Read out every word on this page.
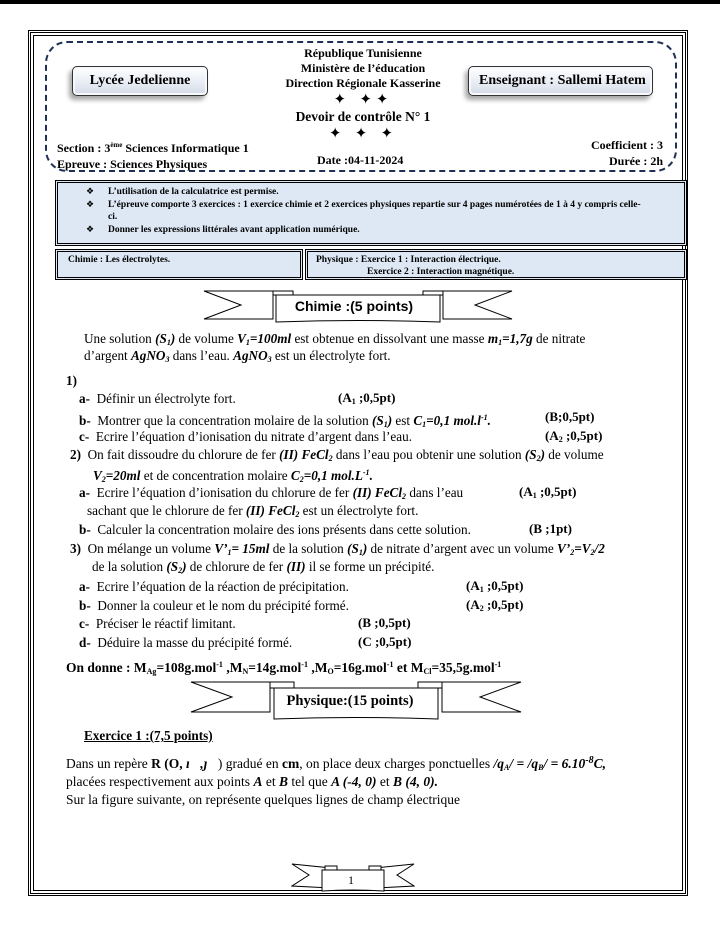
Lycée Jedelienne	Enseignant : Sallemi Hatem
République Tunisienne
Ministère de l’éducation
Direction Régionale Kasserine
✦ ✦✦
Devoir de contrôle N° 1
✦ ✦ ✦
Section : 3ème Sciences Informatique 1
Epreuve : Sciences Physiques	Date :04-11-2024
Coefficient : 3
Durée : 2h
❖ L’utilisation de la calculatrice est permise.
❖ L’épreuve comporte 3 exercices : 1 exercice chimie et 2 exercices physiques repartie sur 4 pages numérotées de 1 à 4 y compris celle-ci.
❖ Donner les expressions littérales avant application numérique.
Chimie : Les électrolytes.	Physique : Exercice 1 : Interaction électrique.
Exercice 2 : Interaction magnétique.
Chimie :(5 points)
Une solution $(S_1)$ de volume $V_1=100ml$ est obtenue en dissolvant une masse $m_1=1,7g$ de nitrate
d’argent AgNO$_3$ dans l’eau. AgNO$_3$ est un électrolyte fort.
1)
a- Définir un électrolyte fort.	($A_1$ ;0,5pt)
b- Montrer que la concentration molaire de la solution $(S_1)$ est $C_1=0,1$ $mol.l^{-1}$.	(B;0,5pt)
c- Ecrire l’équation d’ionisation du nitrate d’argent dans l’eau.	($A_2$ ;0,5pt)
2) On fait dissoudre du chlorure de fer (II) FeCl$_2$ dans l’eau pou obtenir une solution $(S_2)$ de volume
$V_2=20ml$ et de concentration molaire $C_2=0,1$ $mol.L^{-1}$.
a- Ecrire l’équation d’ionisation du chlorure de fer (II) FeCl$_2$ dans l’eau	($A_1$ ;0,5pt)
sachant que le chlorure de fer (II) FeCl$_2$ est un électrolyte fort.
b- Calculer la concentration molaire des ions présents dans cette solution.	(B ;1pt)
3) On mélange un volume $V’_1= 15ml$ de la solution $(S_1)$ de nitrate d’argent avec un volume $V’_2=V_2/2$
de la solution $(S_2)$ de chlorure de fer (II) il se forme un précipité.
a- Ecrire l’équation de la réaction de précipitation.	($A_1$ ;0,5pt)
b- Donner la couleur et le nom du précipité formé.	($A_2$ ;0,5pt)
c- Préciser le réactif limitant.	(B ;0,5pt)
d- Déduire la masse du précipité formé.	(C ;0,5pt)
On donne : $M_{Ag}=108g.mol^{-1}$ $,M_N=14g.mol^{-1}$ $,M_O=16g.mol^{-1}$ et $M_{Cl}=35,5g.mol^{-1}$
Physique:(15 points)
Exercice 1 :(7,5 points)
Dans un repère R (O, ı⃗,ȷ⃗) gradué en cm, on place deux charges ponctuelles $/q_A/ = /q_B/ = 6.10^{-8}C$,
placées respectivement aux points A et B tel que A (-4, 0) et B (4, 0).
Sur la figure suivante, on représente quelques lignes de champ électrique
1
